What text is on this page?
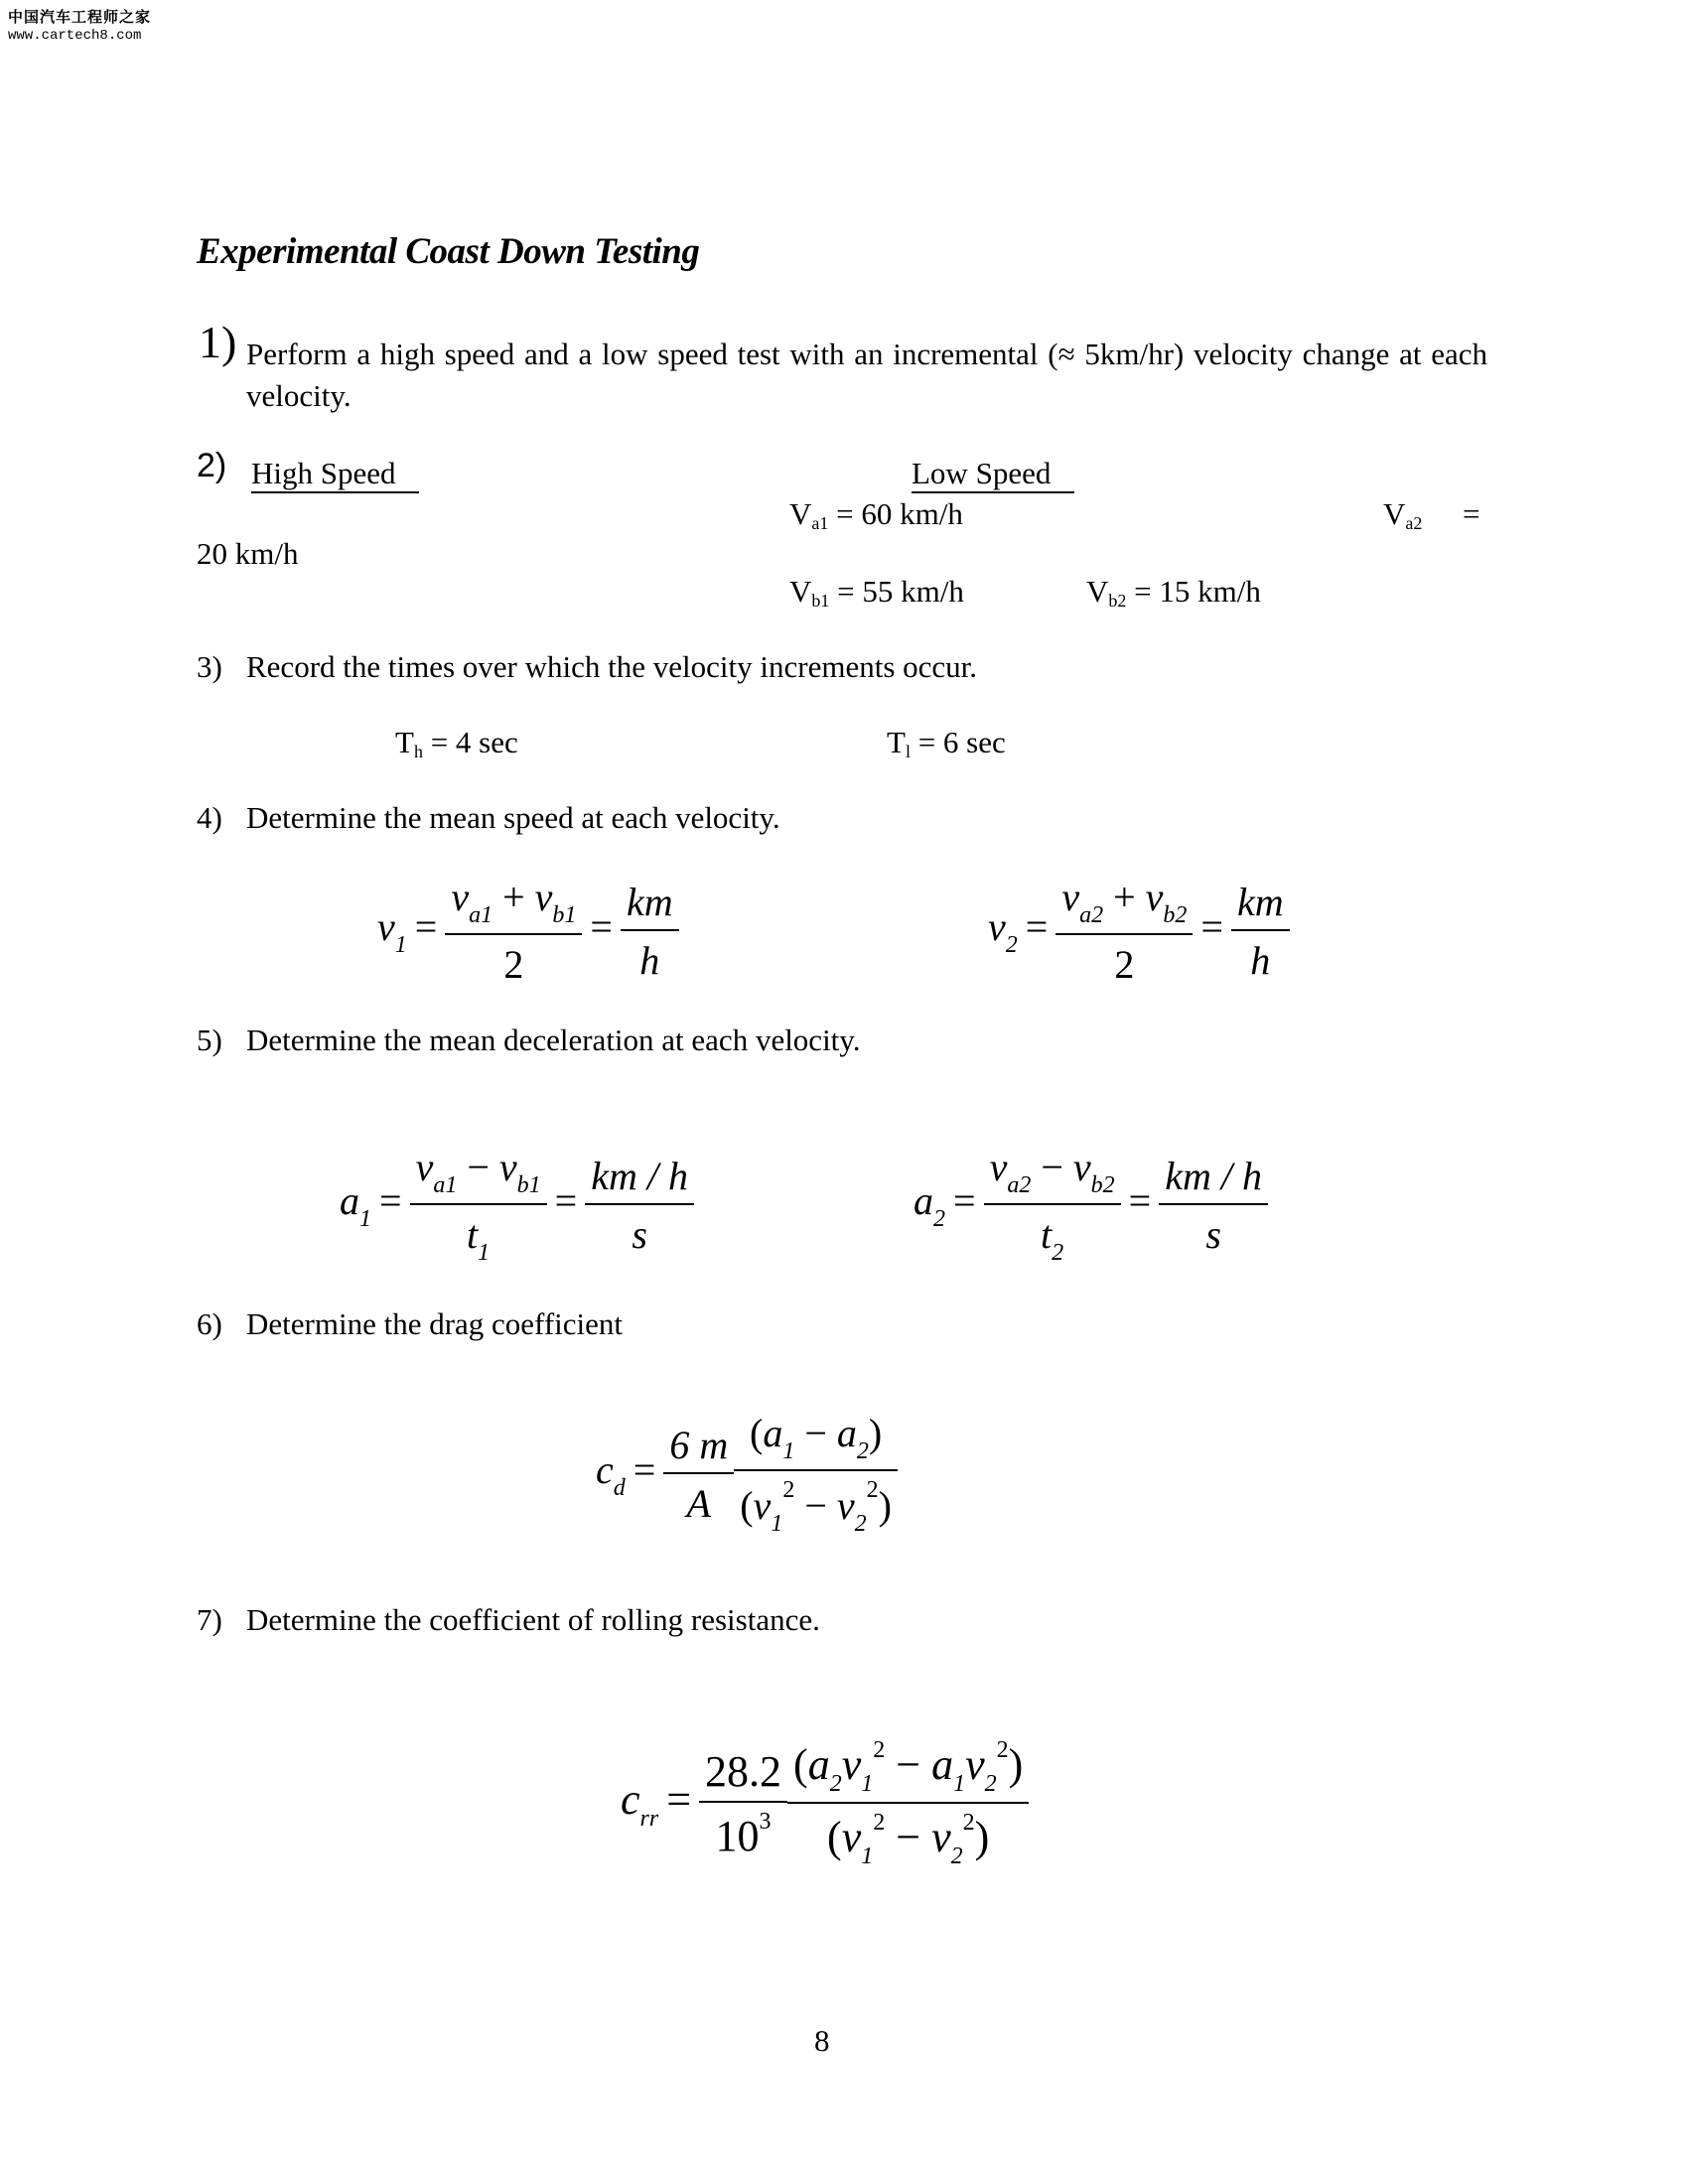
中国汽车工程师之家
www.cartech8.com
Experimental Coast Down Testing
1) Perform a high speed and a low speed test with an incremental (≈ 5km/hr) velocity change at each velocity.
2) High Speed	Low Speed
$V_{a1} = 60$ km/h	$V_{a2}$ =
20 km/h
$V_{b1} = 55$ km/h	$V_{b2} = 15$ km/h
3) Record the times over which the velocity increments occur.
$T_h = 4$ sec	$T_l = 6$ sec
4) Determine the mean speed at each velocity.
$v_1 = \frac{v_{a1} + v_{b1}}{2} = \frac{km}{h}$	$v_2 = \frac{v_{a2} + v_{b2}}{2} = \frac{km}{h}$
5) Determine the mean deceleration at each velocity.
$a_1 = \frac{v_{a1} - v_{b1}}{t_1} = \frac{km / h}{s}$	$a_2 = \frac{v_{a2} - v_{b2}}{t_2} = \frac{km / h}{s}$
6) Determine the drag coefficient
$c_d = \frac{6 m}{A} \frac{(a_1 - a_2)}{(v_1^2 - v_2^2)}$
7) Determine the coefficient of rolling resistance.
$c_{rr} = \frac{28.2}{10^3} \frac{(a_2v_1^2 - a_1v_2^2)}{(v_1^2 - v_2^2)}$
8
